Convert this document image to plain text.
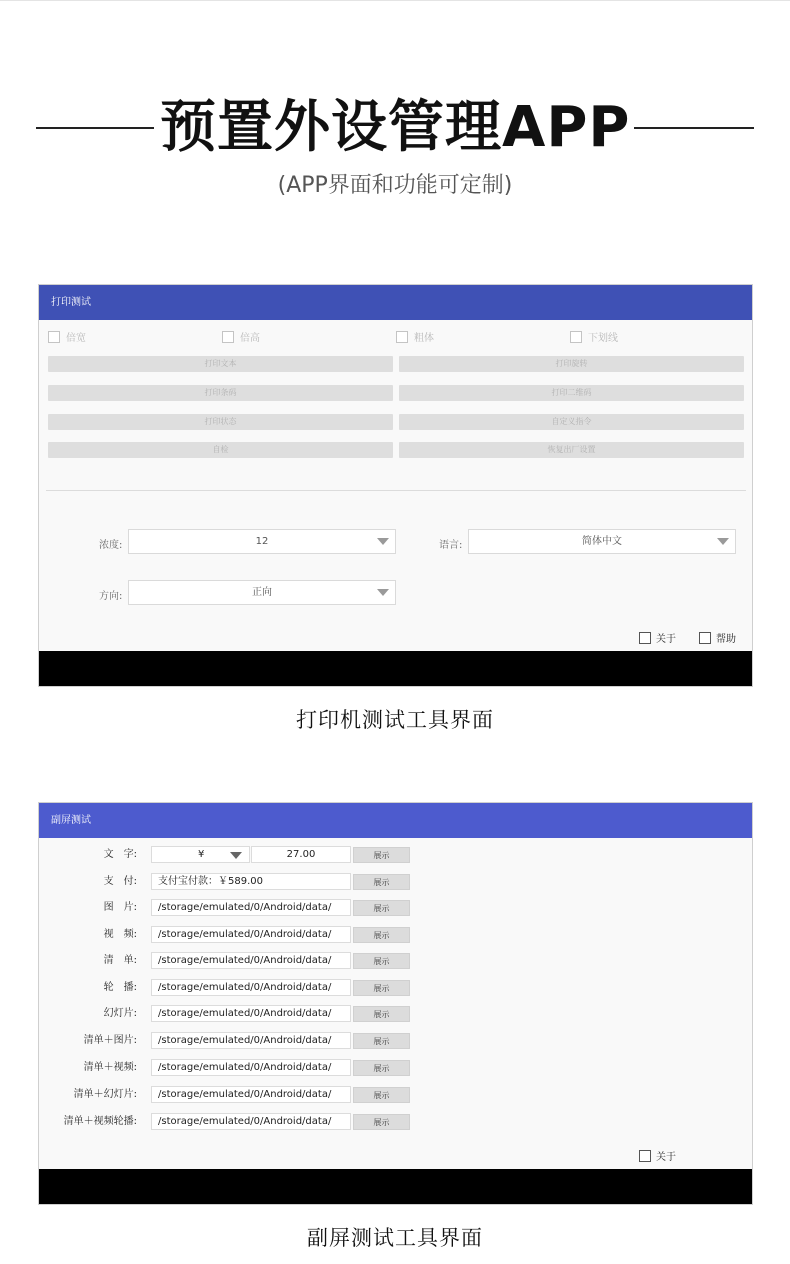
预置外设管理APP
(APP界面和功能可定制)
打印测试
倍宽	倍高	粗体	下划线
打印文本	打印旋转
打印条码	打印二维码
打印状态	自定义指令
自检	恢复出厂设置
浓度:	12	语言:	简体中文
方向:	正向
关于	帮助
打印机测试工具界面
副屏测试
文　字:	¥	27.00	展示
支　付:	支付宝付款：￥589.00	展示
图　片:	/storage/emulated/0/Android/data/	展示
视　频:	/storage/emulated/0/Android/data/	展示
清　单:	/storage/emulated/0/Android/data/	展示
轮　播:	/storage/emulated/0/Android/data/	展示
幻灯片:	/storage/emulated/0/Android/data/	展示
清单＋图片:	/storage/emulated/0/Android/data/	展示
清单＋视频:	/storage/emulated/0/Android/data/	展示
清单＋幻灯片:	/storage/emulated/0/Android/data/	展示
清单＋视频轮播:	/storage/emulated/0/Android/data/	展示
关于
副屏测试工具界面
